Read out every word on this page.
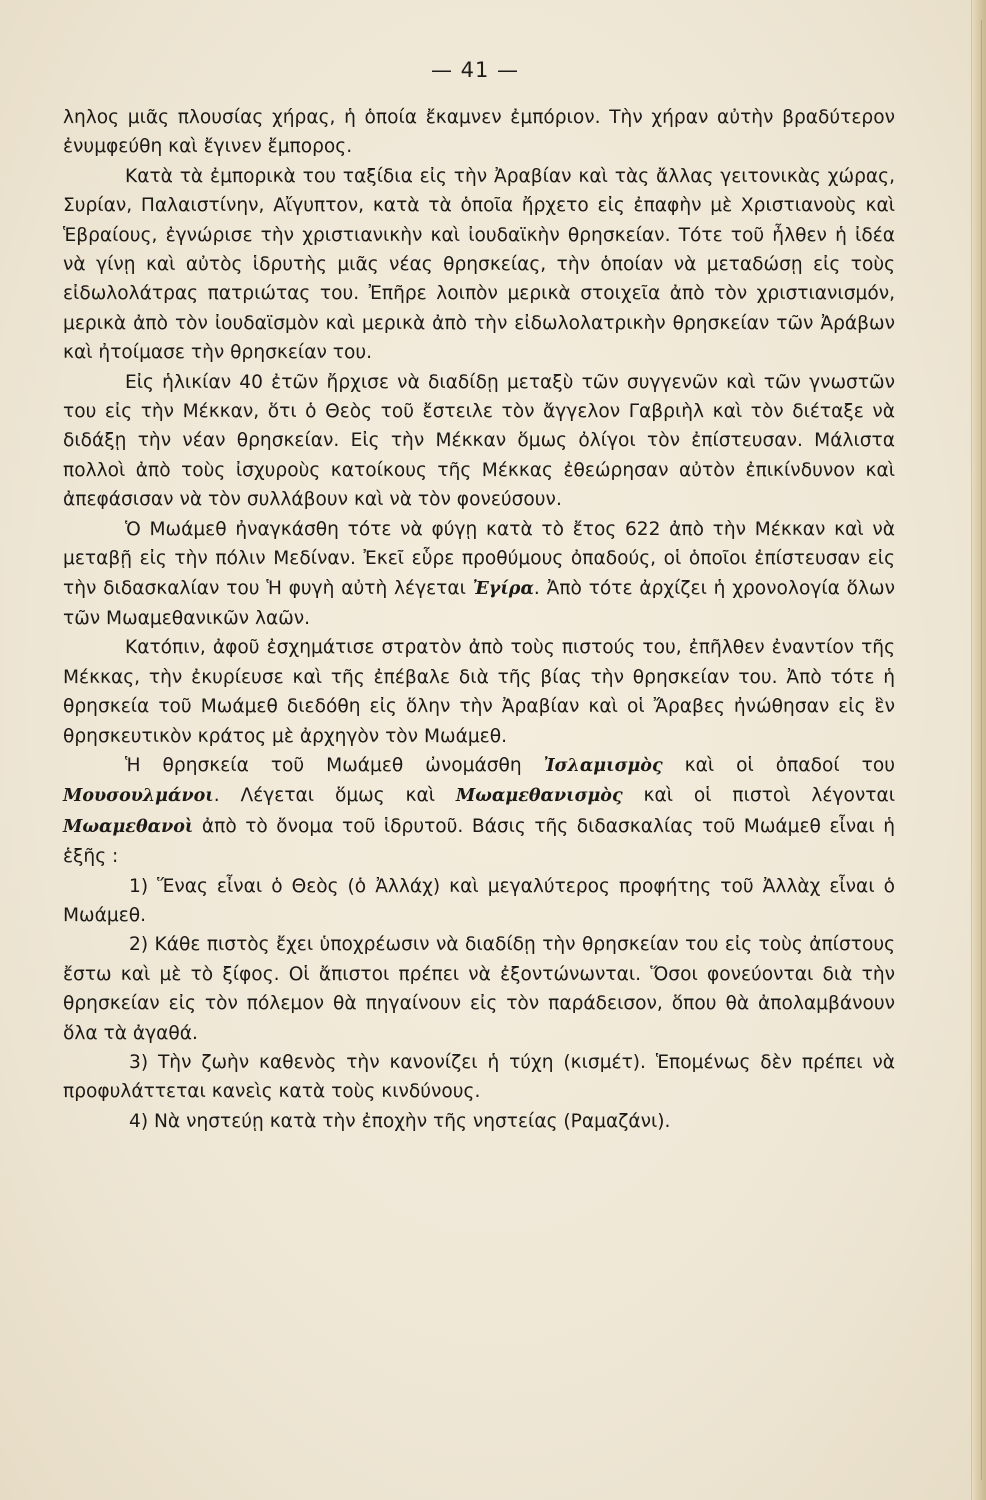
— 41 —

ληλος μιᾶς πλουσίας χήρας, ἡ ὁποία ἔκαμνεν ἐμπόριον. Τὴν χήραν αὐτὴν βραδύτερον ἐνυμφεύθη καὶ ἔγινεν ἔμπορος.

Κατὰ τὰ ἐμπορικὰ του ταξίδια εἰς τὴν Ἀραβίαν καὶ τὰς ἄλλας γειτονικὰς χώρας, Συρίαν, Παλαιστίνην, Αἴγυπτον, κατὰ τὰ ὁποῖα ἤρχετο εἰς ἐπαφὴν μὲ Χριστιανοὺς καὶ Ἑβραίους, ἐγνώρισε τὴν χριστιανικὴν καὶ ἰουδαϊκὴν θρησκείαν. Τότε τοῦ ἦλθεν ἡ ἰδέα νὰ γίνῃ καὶ αὐτὸς ἱδρυτὴς μιᾶς νέας θρησκείας, τὴν ὁποίαν νὰ μεταδώσῃ εἰς τοὺς εἰδωλολάτρας πατριώτας του. Ἐπῆρε λοιπὸν μερικὰ στοιχεῖα ἀπὸ τὸν χριστιανισμόν, μερικὰ ἀπὸ τὸν ἰουδαϊσμὸν καὶ μερικὰ ἀπὸ τὴν εἰδωλολατρικὴν θρησκείαν τῶν Ἀράβων καὶ ἠτοίμασε τὴν θρησκείαν του.

Εἰς ἡλικίαν 40 ἐτῶν ἤρχισε νὰ διαδίδῃ μεταξὺ τῶν συγγενῶν καὶ τῶν γνωστῶν του εἰς τὴν Μέκκαν, ὅτι ὁ Θεὸς τοῦ ἔστειλε τὸν ἄγγελον Γαβριὴλ καὶ τὸν διέταξε νὰ διδάξῃ τὴν νέαν θρησκείαν. Εἰς τὴν Μέκκαν ὅμως ὀλίγοι τὸν ἐπίστευσαν. Μάλιστα πολλοὶ ἀπὸ τοὺς ἰσχυροὺς κατοίκους τῆς Μέκκας ἐθεώρησαν αὐτὸν ἐπικίνδυνον καὶ ἀπεφάσισαν νὰ τὸν συλλάβουν καὶ νὰ τὸν φονεύσουν.

Ὁ Μωάμεθ ἠναγκάσθη τότε νὰ φύγῃ κατὰ τὸ ἔτος 622 ἀπὸ τὴν Μέκκαν καὶ νὰ μεταβῇ εἰς τὴν πόλιν Μεδίναν. Ἐκεῖ εὗρε προθύμους ὀπαδούς, οἱ ὁποῖοι ἐπίστευσαν εἰς τὴν διδασκαλίαν του Ἡ φυγὴ αὐτὴ λέγεται Ἐγίρα. Ἀπὸ τότε ἀρχίζει ἡ χρονολογία ὅλων τῶν Μωαμεθανικῶν λαῶν.

Κατόπιν, ἀφοῦ ἐσχημάτισε στρατὸν ἀπὸ τοὺς πιστούς του, ἐπῆλθεν ἐναντίον τῆς Μέκκας, τὴν ἐκυρίευσε καὶ τῆς ἐπέβαλε διὰ τῆς βίας τὴν θρησκείαν του. Ἀπὸ τότε ἡ θρησκεία τοῦ Μωάμεθ διεδόθη εἰς ὅλην τὴν Ἀραβίαν καὶ οἱ Ἄραβες ἠνώθησαν εἰς ἓν θρησκευτικὸν κράτος μὲ ἀρχηγὸν τὸν Μωάμεθ.

Ἡ θρησκεία τοῦ Μωάμεθ ὠνομάσθη Ἰσλαμισμὸς καὶ οἱ ὀπαδοί του Μουσουλμάνοι. Λέγεται ὅμως καὶ Μωαμεθανισμὸς καὶ οἱ πιστοὶ λέγονται Μωαμεθανοὶ ἀπὸ τὸ ὄνομα τοῦ ἱδρυτοῦ. Βάσις τῆς διδασκαλίας τοῦ Μωάμεθ εἶναι ἡ ἑξῆς :

1) Ἕνας εἶναι ὁ Θεὸς (ὁ Ἀλλάχ) καὶ μεγαλύτερος προφήτης τοῦ Ἀλλὰχ εἶναι ὁ Μωάμεθ.

2) Κάθε πιστὸς ἔχει ὑποχρέωσιν νὰ διαδίδῃ τὴν θρησκείαν του εἰς τοὺς ἀπίστους ἔστω καὶ μὲ τὸ ξίφος. Οἱ ἄπιστοι πρέπει νὰ ἐξοντώνωνται. Ὅσοι φονεύονται διὰ τὴν θρησκείαν εἰς τὸν πόλεμον θὰ πηγαίνουν εἰς τὸν παράδεισον, ὅπου θὰ ἀπολαμβάνουν ὅλα τὰ ἀγαθά.

3) Τὴν ζωὴν καθενὸς τὴν κανονίζει ἡ τύχη (κισμέτ). Ἑπομένως δὲν πρέπει νὰ προφυλάττεται κανεὶς κατὰ τοὺς κινδύνους.

4) Νὰ νηστεύῃ κατὰ τὴν ἐποχὴν τῆς νηστείας (Ραμαζάνι).
